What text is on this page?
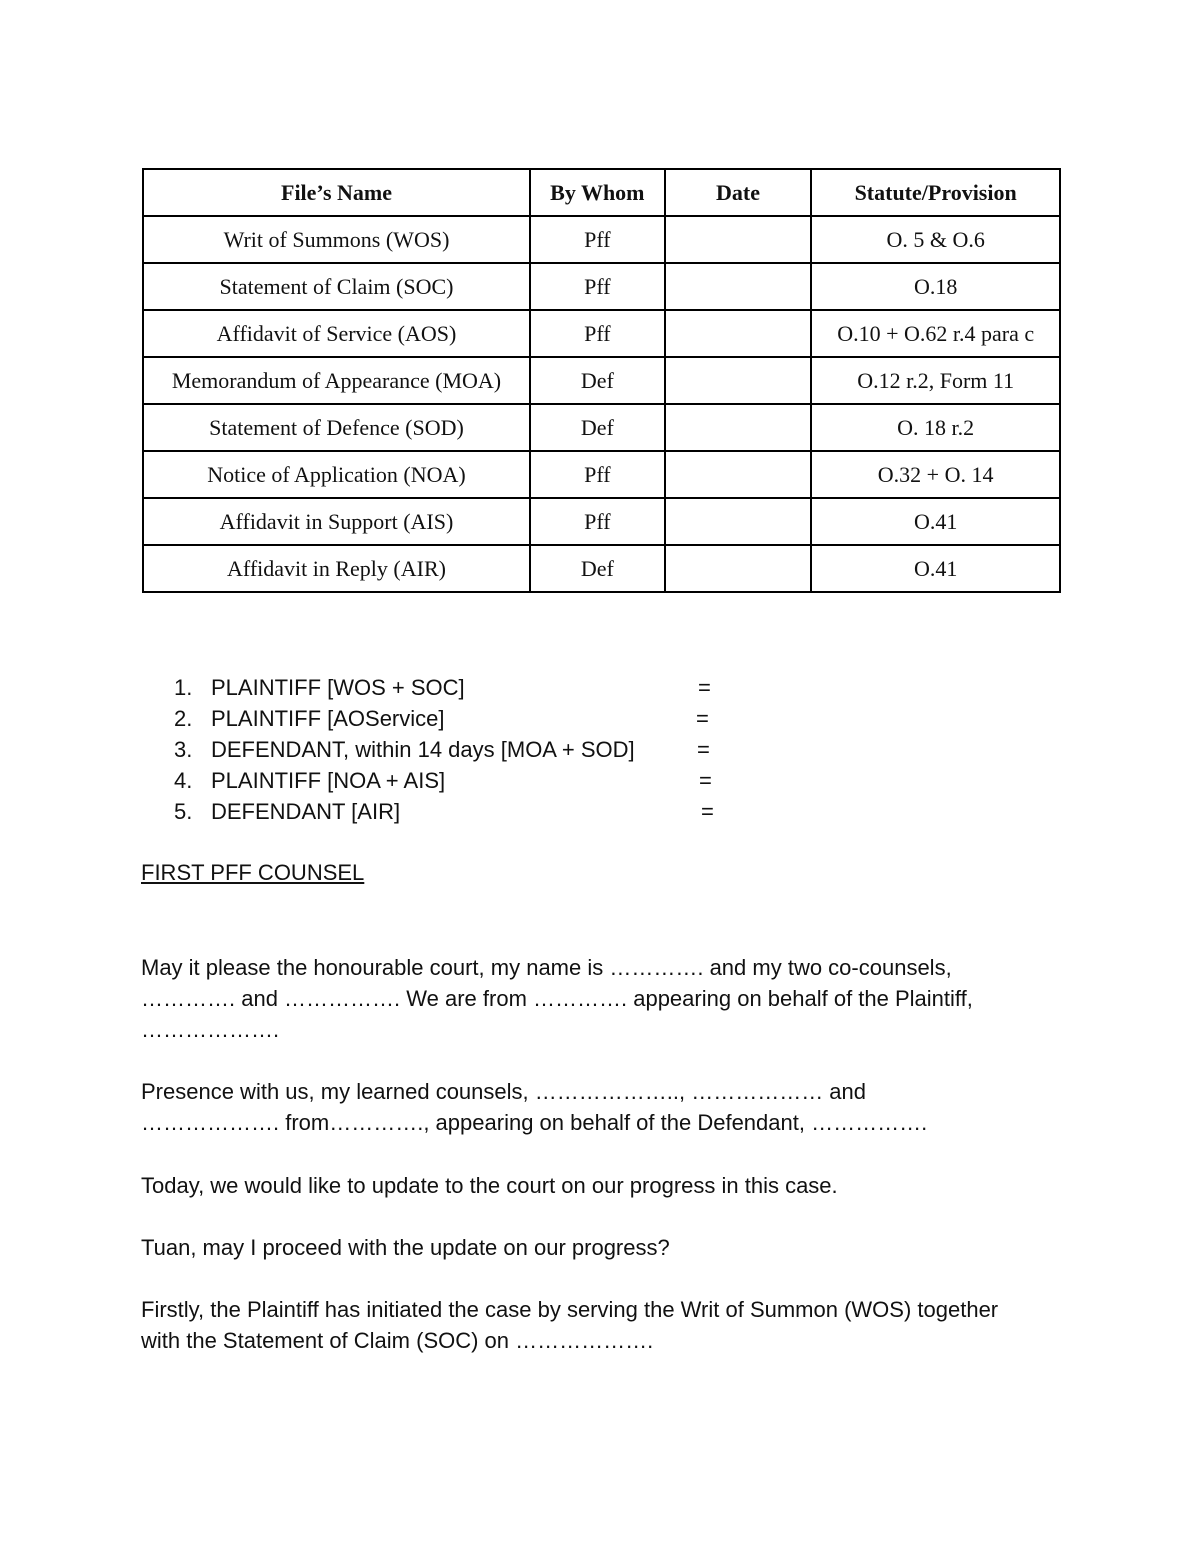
File’s Name	By Whom	Date	Statute/Provision
Writ of Summons (WOS)	Pff		O. 5 & O.6
Statement of Claim (SOC)	Pff		O.18
Affidavit of Service (AOS)	Pff		O.10 + O.62 r.4 para c
Memorandum of Appearance (MOA)	Def		O.12 r.2, Form 11
Statement of Defence (SOD)	Def		O. 18 r.2
Notice of Application (NOA)	Pff		O.32 + O. 14
Affidavit in Support (AIS)	Pff		O.41
Affidavit in Reply (AIR)	Def		O.41
1. PLAINTIFF [WOS + SOC]	=
2. PLAINTIFF [AOService]	=
3. DEFENDANT, within 14 days [MOA + SOD]	=
4. PLAINTIFF [NOA + AIS]	=
5. DEFENDANT [AIR]	=

FIRST PFF COUNSEL

May it please the honourable court, my name is …………. and my two co-counsels,
…………. and ……………. We are from …………. appearing on behalf of the Plaintiff,
……………….
Presence with us, my learned counsels, ……………….., ……………… and
………………. from…………., appearing on behalf of the Defendant, …………….

Today, we would like to update to the court on our progress in this case.

Tuan, may I proceed with the update on our progress?

Firstly, the Plaintiff has initiated the case by serving the Writ of Summon (WOS) together
with the Statement of Claim (SOC) on ……………….
